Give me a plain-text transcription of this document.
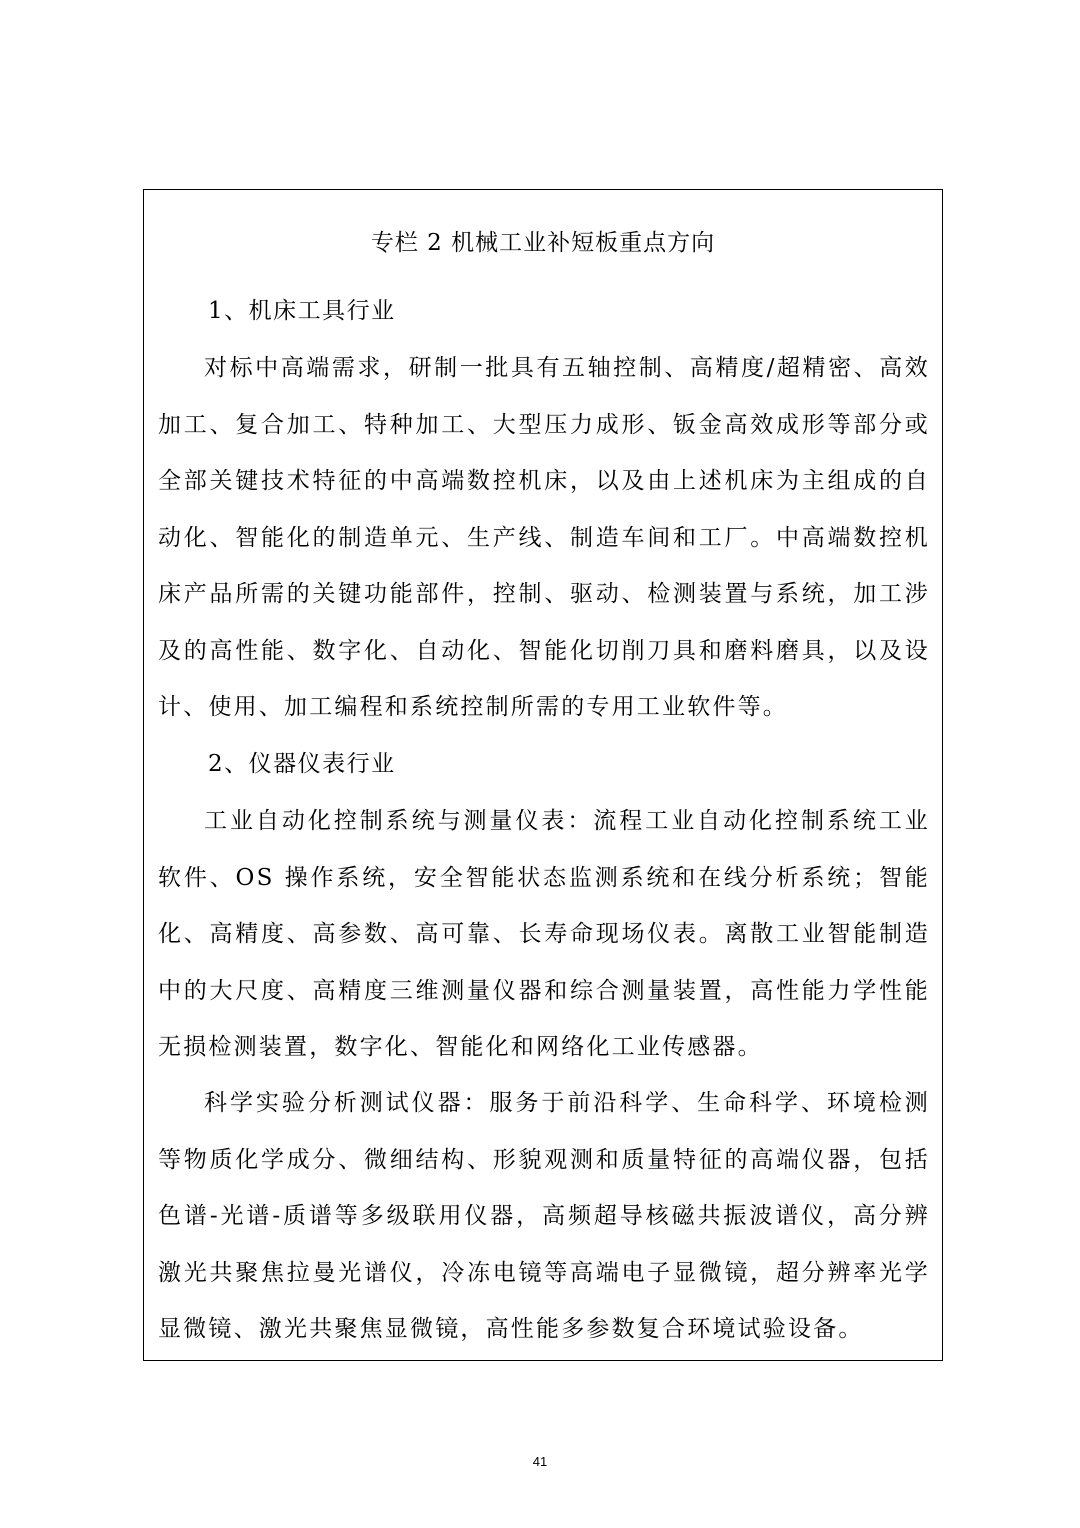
专栏 2 机械工业补短板重点方向
1、机床工具行业

对标中高端需求，研制一批具有五轴控制、高精度/超精密、高效加工、复合加工、特种加工、大型压力成形、钣金高效成形等部分或全部关键技术特征的中高端数控机床，以及由上述机床为主组成的自动化、智能化的制造单元、生产线、制造车间和工厂。中高端数控机床产品所需的关键功能部件，控制、驱动、检测装置与系统，加工涉及的高性能、数字化、自动化、智能化切削刀具和磨料磨具，以及设计、使用、加工编程和系统控制所需的专用工业软件等。

2、仪器仪表行业

工业自动化控制系统与测量仪表：流程工业自动化控制系统工业软件、OS 操作系统，安全智能状态监测系统和在线分析系统；智能化、高精度、高参数、高可靠、长寿命现场仪表。离散工业智能制造中的大尺度、高精度三维测量仪器和综合测量装置，高性能力学性能无损检测装置，数字化、智能化和网络化工业传感器。

科学实验分析测试仪器：服务于前沿科学、生命科学、环境检测等物质化学成分、微细结构、形貌观测和质量特征的高端仪器，包括色谱-光谱-质谱等多级联用仪器，高频超导核磁共振波谱仪，高分辨激光共聚焦拉曼光谱仪，冷冻电镜等高端电子显微镜，超分辨率光学显微镜、激光共聚焦显微镜，高性能多参数复合环境试验设备。

41
